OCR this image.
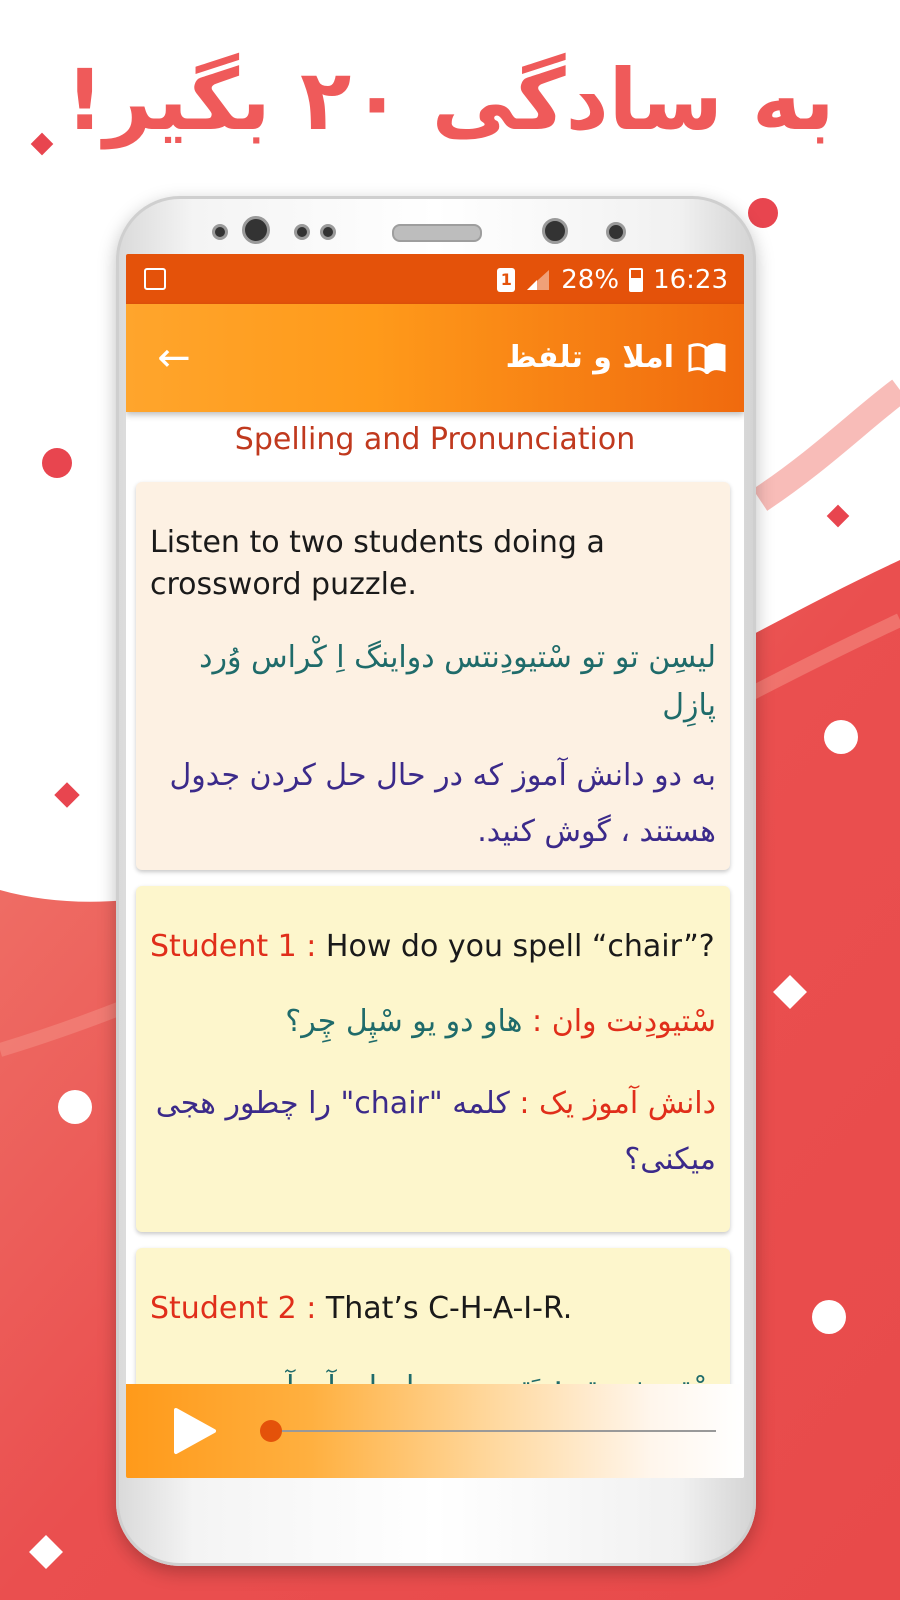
به سادگی ۲۰ بگیر!
1 28% 16:23
←	املا و تلفظ
Spelling and Pronunciation
Listen to two students doing a crossword puzzle.
لیسِن تو تو سْتیودِنتس دواینگ اِ کْراس وُرد پازِل
به دو دانش آموز که در حال حل کردن جدول هستند ، گوش کنید.
Student 1 : How do you spell “chair”?
سْتیودِنت وان : هاو دو یو سْپِل چِر؟
دانش آموز یک : کلمه "chair" را چطور هجی میکنی؟
Student 2 : That’s C-H-A-I-R.
